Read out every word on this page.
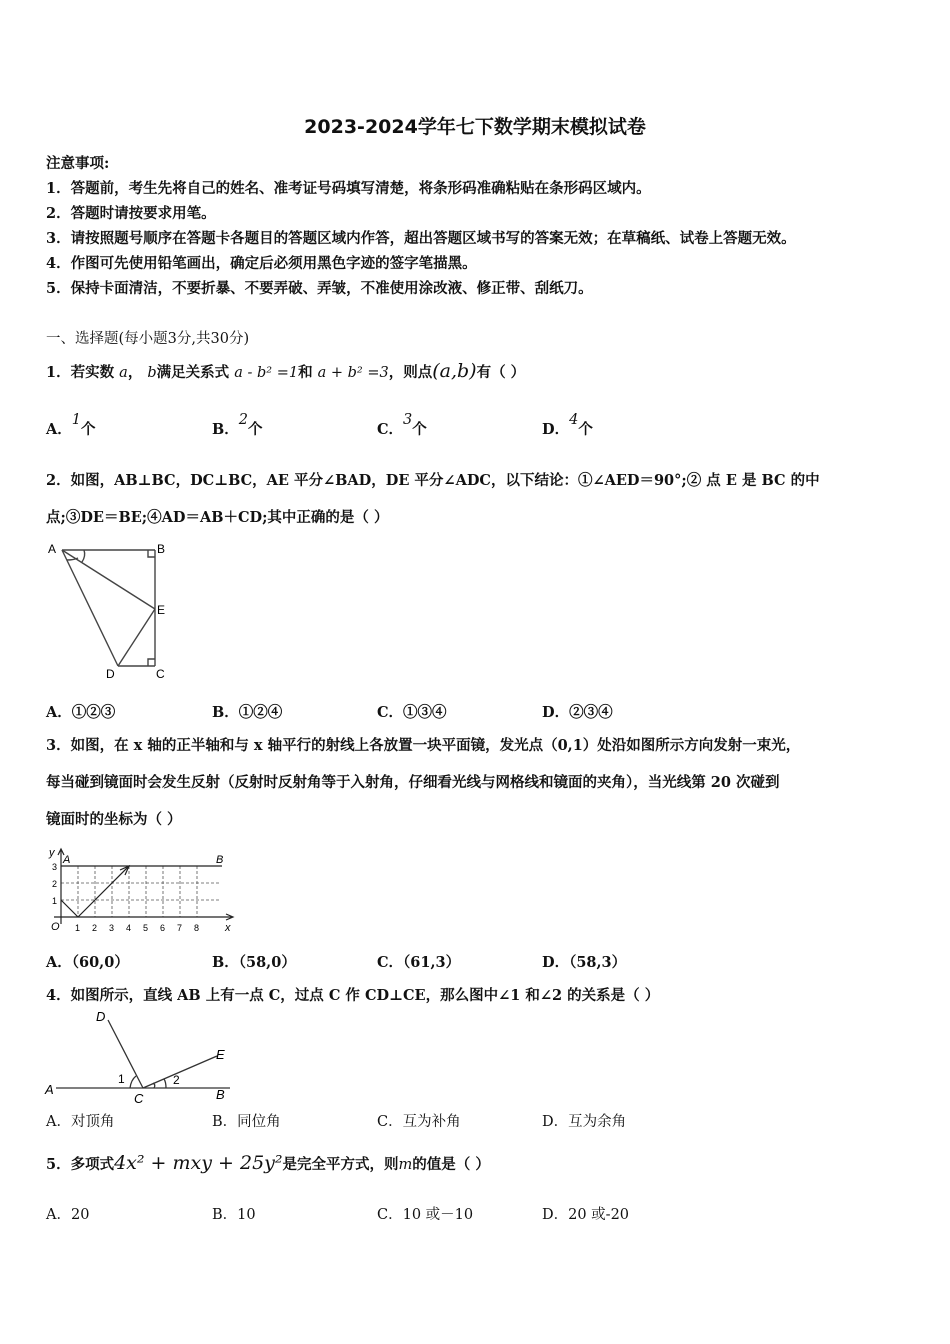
2023-2024学年七下数学期末模拟试卷
注意事项:
1．答题前，考生先将自己的姓名、准考证号码填写清楚，将条形码准确粘贴在条形码区域内。
2．答题时请按要求用笔。
3．请按照题号顺序在答题卡各题目的答题区域内作答，超出答题区域书写的答案无效；在草稿纸、试卷上答题无效。
4．作图可先使用铅笔画出，确定后必须用黑色字迹的签字笔描黑。
5．保持卡面清洁，不要折暴、不要弄破、弄皱，不准使用涂改液、修正带、刮纸刀。
一、选择题(每小题3分,共30分)
1．若实数 a， b满足关系式 a - b² =1和 a + b² =3，则点(a,b)有（ ）
A．1个	B．2个	C．3个	D．4个
2．如图，AB⊥BC，DC⊥BC，AE 平分∠BAD，DE 平分∠ADC，以下结论：①∠AED＝90°;② 点 E 是 BC 的中
点;③DE＝BE;④AD＝AB＋CD;其中正确的是（ ）
A	B
E
D	C
A．①②③	B．①②④	C．①③④	D．②③④
3．如图，在 x 轴的正半轴和与 x 轴平行的射线上各放置一块平面镜，发光点（0,1）处沿如图所示方向发射一束光，
每当碰到镜面时会发生反射（反射时反射角等于入射角，仔细看光线与网格线和镜面的夹角），当光线第 20 次碰到
镜面时的坐标为（ ）
y
A	B
3
2
1
O 1 2 3 4 5 6 7 8 x
A．（60,0）	B．（58,0）	C．（61,3）	D．（58,3）
4．如图所示，直线 AB 上有一点 C，过点 C 作 CD⊥CE，那么图中∠1 和∠2 的关系是（ ）
D
E
A	B
C
1	2
A．对顶角	B．同位角	C．互为补角	D．互为余角
5．多项式4x² + mxy + 25y²是完全平方式，则m的值是（ ）
A．20	B．10	C．10 或－10	D．20 或-20
